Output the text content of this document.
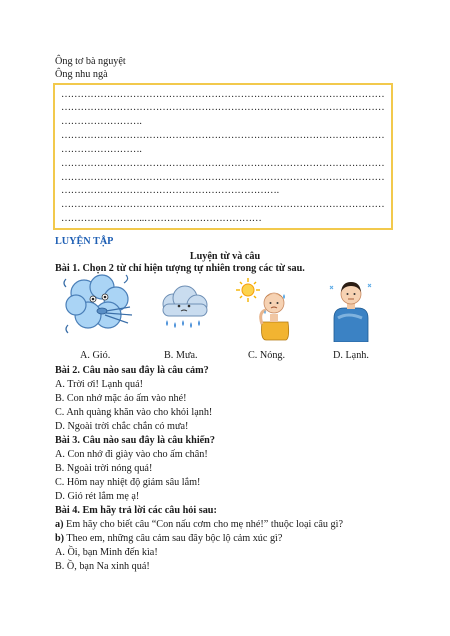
Ông tơ bà nguyệt
Ông nhu ngà
………………………………………………………………………………………
………………………………………………………………………………………
…………………….
………………………………………………………………………………………
…………………….
………………………………………………………………………………………
………………………………………………………………………………………
………………………………………………………….
………………………………………………………………………………………
……………………..………………………………
LUYỆN TẬP
Luyện từ và câu
Bài 1. Chọn 2 từ chỉ hiện tượng tự nhiên trong các từ sau.
A. Gió.	B. Mưa.	C. Nóng.	D. Lạnh.
Bài 2. Câu nào sau đây là câu cảm?
A. Trời ơi! Lạnh quá!
B. Con nhớ mặc áo ấm vào nhé!
C. Anh quàng khăn vào cho khỏi lạnh!
D. Ngoài trời chắc chắn có mưa!
Bài 3. Câu nào sau đây là câu khiến?
A. Con nhớ đi giày vào cho ấm chân!
B. Ngoài trời nóng quá!
C. Hôm nay nhiệt độ giảm sâu lắm!
D. Gió rét lắm mẹ ạ!
Bài 4. Em hãy trả lời các câu hỏi sau:
a) Em hãy cho biết câu “Con nấu cơm cho mẹ nhé!” thuộc loại câu gì?
b) Theo em, những câu cảm sau đây bộc lộ cảm xúc gì?
A. Ồi, bạn Minh đến kìa!
B. Ồ, bạn Na xinh quá!
